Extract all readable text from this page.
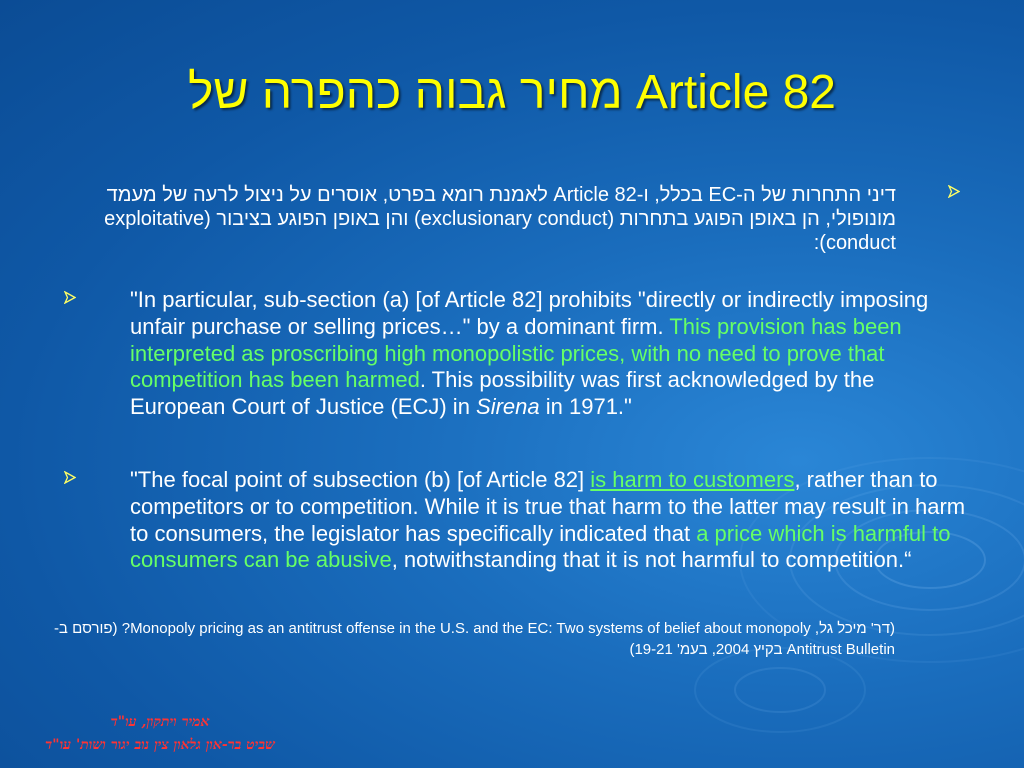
מחיר גבוה כהפרה של Article 82
דיני התחרות של ה-EC בכלל, ו-Article 82 לאמנת רומא בפרט, אוסרים על ניצול לרעה של מעמד מונופולי, הן באופן הפוגע בתחרות (exclusionary conduct) והן באופן הפוגע בציבור (exploitative conduct):
"In particular, sub-section (a) [of Article 82] prohibits "directly or indirectly imposing unfair purchase or selling prices…" by a dominant firm. This provision has been interpreted as proscribing high monopolistic prices, with no need to prove that competition has been harmed. This possibility was first acknowledged by the European Court of Justice (ECJ) in Sirena in 1971."
"The focal point of subsection (b) [of Article 82] is harm to customers, rather than to competitors or to competition. While it is true that harm to the latter may result in harm to consumers, the legislator has specifically indicated that a price which is harmful to consumers can be abusive, notwithstanding that it is not harmful to competition.“
(דר' מיכל גל, Monopoly pricing as an antitrust offense in the U.S. and the EC: Two systems of belief about monopoly? (פורסם ב-Antitrust Bulletin בקיץ 2004, בעמ' 19-21)
אמיר ויתקון, עו"ד
שביט בר-און גלאון צין נוב יגור ושות' עו"ד
